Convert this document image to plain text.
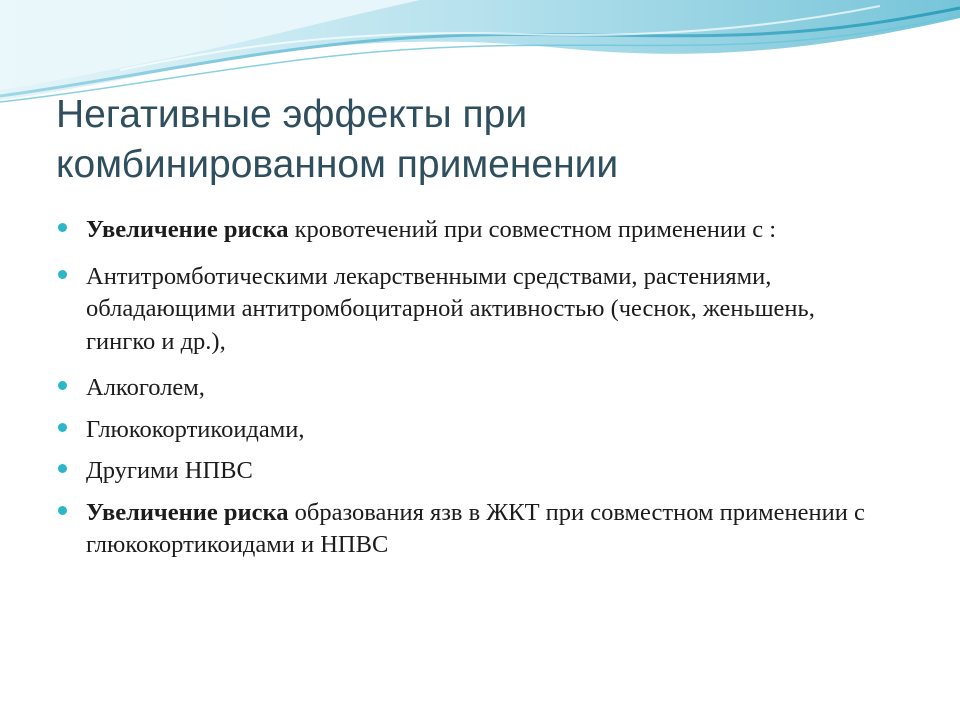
Негативные эффекты при
комбинированном применении
Увеличение риска кровотечений при совместном применении с :
Антитромботическими лекарственными средствами, растениями, обладающими антитромбоцитарной активностью (чеснок, женьшень, гингко и др.),
Алкоголем,
Глюкокортикоидами,
Другими НПВС
Увеличение риска образования язв в ЖКТ при совместном применении с глюкокортикоидами и НПВС
